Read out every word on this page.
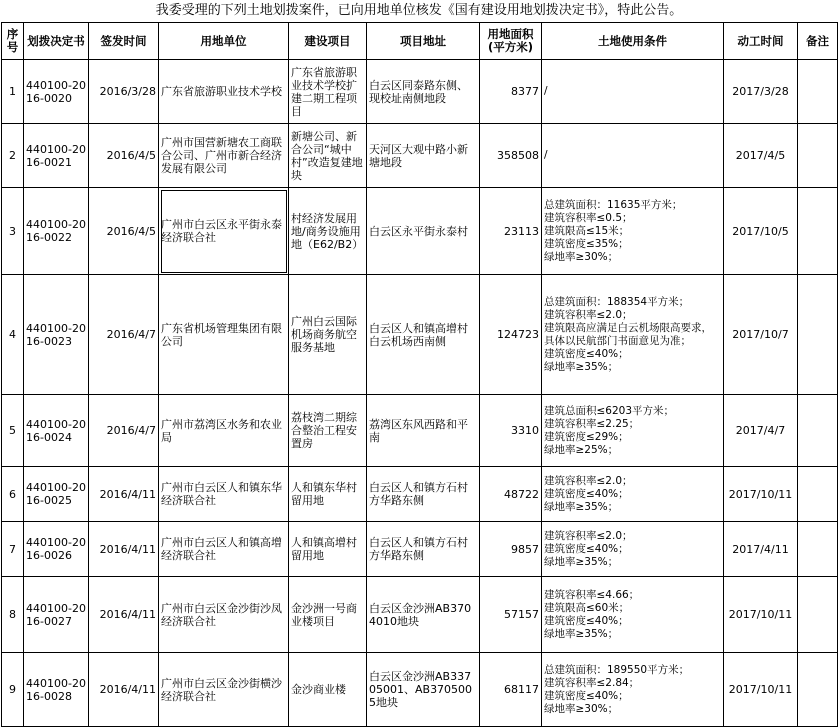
我委受理的下列土地划拨案件，已向用地单位核发《国有建设用地划拨决定书》，特此公告。
序号	划拨决定书	签发时间	用地单位	建设项目	项目地址	用地面积(平方米)	土地使用条件	动工时间	备注
1	440100-2016-0020	2016/3/28	广东省旅游职业技术学校	广东省旅游职业技术学校扩建二期工程项目	白云区同泰路东侧、现校址南侧地段	8377	/	2017/3/28	
2	440100-2016-0021	2016/4/5	广州市国营新塘农工商联合公司、广州市新合经济发展有限公司	新塘公司、新合公司“城中村”改造复建地块	天河区大观中路小新塘地段	358508	/	2017/4/5	
3	440100-2016-0022	2016/4/5	广州市白云区永平街永泰经济联合社	村经济发展用地/商务设施用地（E62/B2）	白云区永平街永泰村	23113	总建筑面积：11635平方米；
建筑容积率≤0.5；
建筑限高≤15米；
建筑密度≤35%；
绿地率≥30%；	2017/10/5	
4	440100-2016-0023	2016/4/7	广东省机场管理集团有限公司	广州白云国际机场商务航空服务基地	白云区人和镇高增村白云机场西南侧	124723	总建筑面积：188354平方米；
建筑容积率≤2.0；
建筑限高应满足白云机场限高要求，具体以民航部门书面意见为准；
建筑密度≤40%；
绿地率≥35%；	2017/10/7	
5	440100-2016-0024	2016/4/7	广州市荔湾区水务和农业局	荔枝湾二期综合整治工程安置房	荔湾区东风西路和平南	3310	建筑总面积≤6203平方米；
建筑容积率≤2.25；
建筑密度≤29%；
绿地率≥25%；	2017/4/7	
6	440100-2016-0025	2016/4/11	广州市白云区人和镇东华经济联合社	人和镇东华村留用地	白云区人和镇方石村方华路东侧	48722	建筑容积率≤2.0；
建筑密度≤40%；
绿地率≥35%；	2017/10/11	
7	440100-2016-0026	2016/4/11	广州市白云区人和镇高增经济联合社	人和镇高增村留用地	白云区人和镇方石村方华路东侧	9857	建筑容积率≤2.0；
建筑密度≤40%；
绿地率≥35%；	2017/4/11	
8	440100-2016-0027	2016/4/11	广州市白云区金沙街沙凤经济联合社	金沙洲一号商业楼项目	白云区金沙洲AB3704010地块	57157	建筑容积率≤4.66；
建筑限高≤60米；
建筑密度≤40%；
绿地率≥35%；	2017/10/11	
9	440100-2016-0028	2016/4/11	广州市白云区金沙街横沙经济联合社	金沙商业楼	白云区金沙洲AB33705001、AB3705005地块	68117	总建筑面积：189550平方米；
建筑容积率≤2.84；
建筑密度≤40%；
绿地率≥30%；	2017/10/11	
